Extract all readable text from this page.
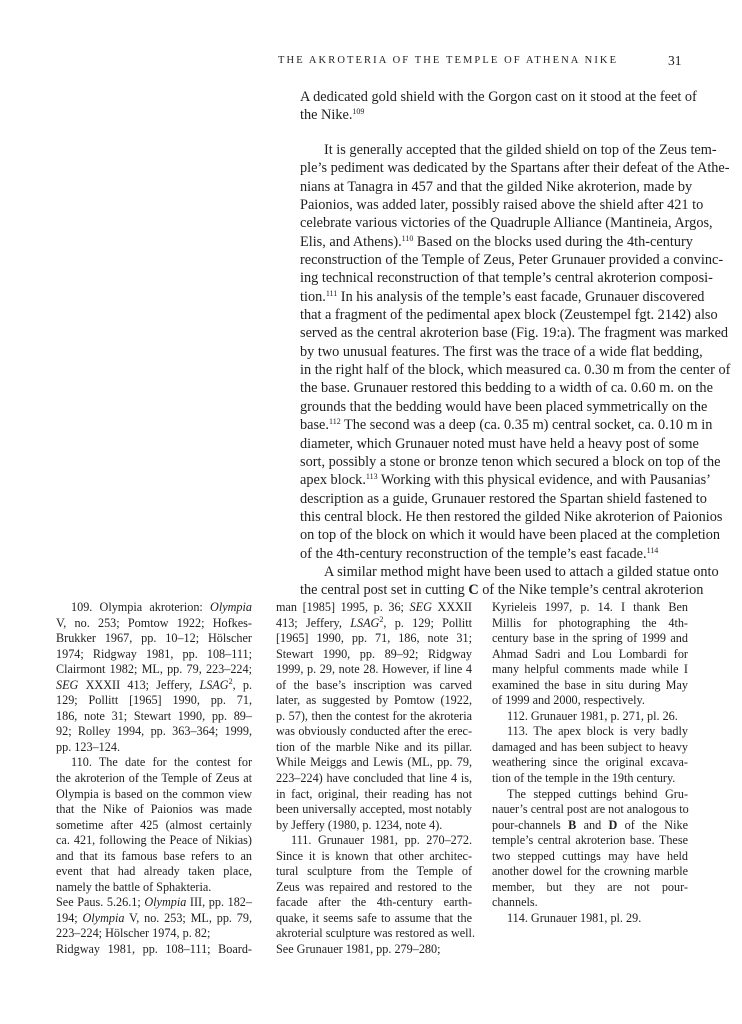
THE AKROTERIA OF THE TEMPLE OF ATHENA NIKE	31

A dedicated gold shield with the Gorgon cast on it stood at the feet of
the Nike.$^{109}$

It is generally accepted that the gilded shield on top of the Zeus tem-
ple’s pediment was dedicated by the Spartans after their defeat of the Athe-
nians at Tanagra in 457 and that the gilded Nike akroterion, made by
Paionios, was added later, possibly raised above the shield after 421 to
celebrate various victories of the Quadruple Alliance (Mantineia, Argos,
Elis, and Athens).$^{110}$ Based on the blocks used during the 4th-century
reconstruction of the Temple of Zeus, Peter Grunauer provided a convinc-
ing technical reconstruction of that temple’s central akroterion composi-
tion.$^{111}$ In his analysis of the temple’s east facade, Grunauer discovered
that a fragment of the pedimental apex block (Zeustempel fgt. 2142) also
served as the central akroterion base (Fig. 19:a). The fragment was marked
by two unusual features. The first was the trace of a wide flat bedding,
in the right half of the block, which measured ca. 0.30 m from the center of
the base. Grunauer restored this bedding to a width of ca. 0.60 m. on the
grounds that the bedding would have been placed symmetrically on the
base.$^{112}$ The second was a deep (ca. 0.35 m) central socket, ca. 0.10 m in
diameter, which Grunauer noted must have held a heavy post of some
sort, possibly a stone or bronze tenon which secured a block on top of the
apex block.$^{113}$ Working with this physical evidence, and with Pausanias’
description as a guide, Grunauer restored the Spartan shield fastened to
this central block. He then restored the gilded Nike akroterion of Paionios
on top of the block on which it would have been placed at the completion
of the 4th-century reconstruction of the temple’s east facade.$^{114}$

A similar method might have been used to attach a gilded statue onto
the central post set in cutting C of the Nike temple’s central akroterion

109. Olympia akroterion: Olympia
V, no. 253; Pomtow 1922; Hofkes-
Brukker 1967, pp. 10–12; Hölscher
1974; Ridgway 1981, pp. 108–111;
Clairmont 1982; ML, pp. 79, 223–224;
SEG XXXII 413; Jeffery, LSAG$^2$, p.
129; Pollitt [1965] 1990, pp. 71,
186, note 31; Stewart 1990, pp. 89–
92; Rolley 1994, pp. 363–364; 1999,
pp. 123–124.

110. The date for the contest for
the akroterion of the Temple of Zeus at
Olympia is based on the common view
that the Nike of Paionios was made
sometime after 425 (almost certainly
ca. 421, following the Peace of Nikias)
and that its famous base refers to an
event that had already taken place,
namely the battle of Sphakteria.
See Paus. 5.26.1; Olympia III, pp. 182–
194; Olympia V, no. 253; ML, pp. 79,
223–224; Hölscher 1974, p. 82;
Ridgway 1981, pp. 108–111; Board-

man [1985] 1995, p. 36; SEG XXXII
413; Jeffery, LSAG$^2$, p. 129; Pollitt
[1965] 1990, pp. 71, 186, note 31;
Stewart 1990, pp. 89–92; Ridgway
1999, p. 29, note 28. However, if line 4
of the base’s inscription was carved
later, as suggested by Pomtow (1922,
p. 57), then the contest for the akroteria
was obviously conducted after the erec-
tion of the marble Nike and its pillar.
While Meiggs and Lewis (ML, pp. 79,
223–224) have concluded that line 4 is,
in fact, original, their reading has not
been universally accepted, most notably
by Jeffery (1980, p. 1234, note 4).

111. Grunauer 1981, pp. 270–272.
Since it is known that other architec-
tural sculpture from the Temple of
Zeus was repaired and restored to the
facade after the 4th-century earth-
quake, it seems safe to assume that the
akroterial sculpture was restored as well.
See Grunauer 1981, pp. 279–280;

Kyrieleis 1997, p. 14. I thank Ben
Millis for photographing the 4th-
century base in the spring of 1999 and
Ahmad Sadri and Lou Lombardi for
many helpful comments made while I
examined the base in situ during May
of 1999 and 2000, respectively.

112. Grunauer 1981, p. 271, pl. 26.

113. The apex block is very badly
damaged and has been subject to heavy
weathering since the original excava-
tion of the temple in the 19th century.
The stepped cuttings behind Gru-
nauer’s central post are not analogous to
pour-channels B and D of the Nike
temple’s central akroterion base. These
two stepped cuttings may have held
another dowel for the crowning marble
member, but they are not pour-
channels.

114. Grunauer 1981, pl. 29.
